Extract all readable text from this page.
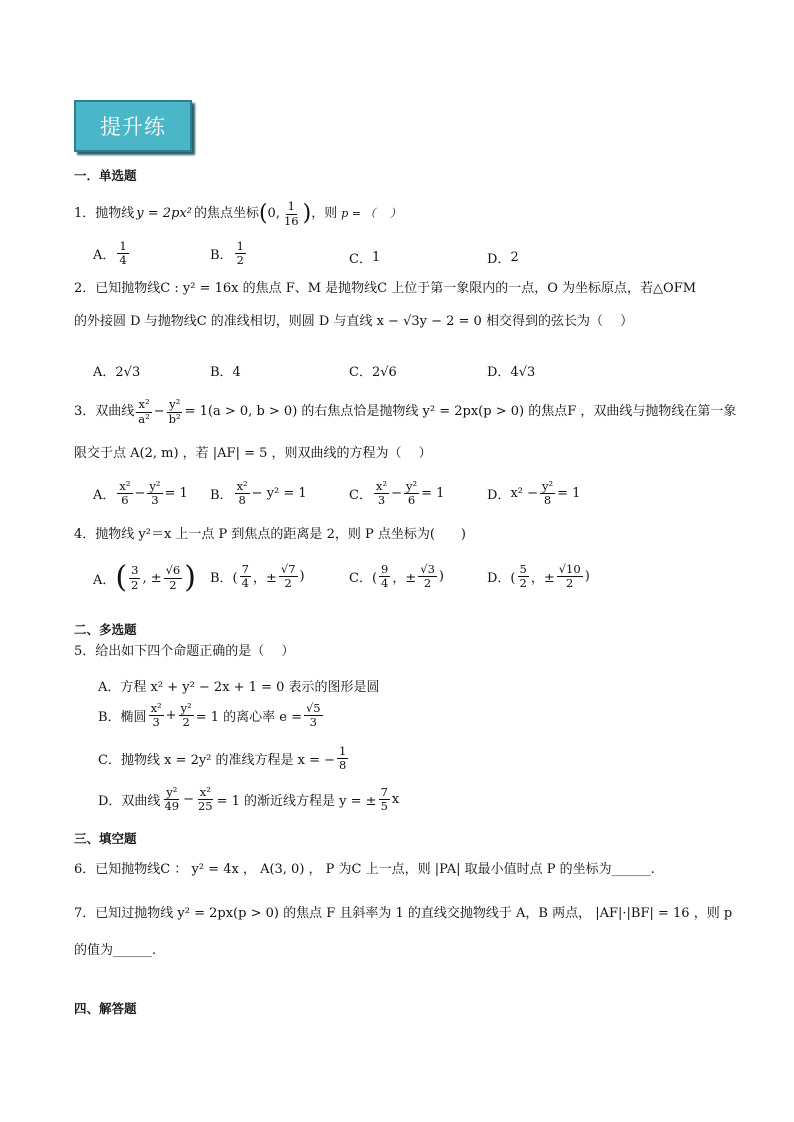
提升练
一．单选题
1． 抛物线 y = 2px² 的焦点坐标 ( 0, $\frac{1}{16}$ ) ，则 p = （　 ）
A． $\frac{1}{4}$	B． $\frac{1}{2}$	C． 1	D． 2
2．已知抛物线C : y² = 16x 的焦点 F、M 是抛物线C 上位于第一象限内的一点，O 为坐标原点，若△OFM
的外接圆 D 与抛物线C 的准线相切，则圆 D 与直线 x − √3y − 2 = 0 相交得到的弦长为（　 ）
A．2√3	B．4	C．2√6	D．4√3
3．双曲线 $\frac{\text{x²}}{\text{a²}} - \frac{\text{y²}}{\text{b²}} = 1(a > 0$, b > 0) 的右焦点恰是抛物线 y² = 2px(p > 0) 的焦点F ，双曲线与抛物线在第一象
限交于点 A(2, m) ，若 |AF| = 5 ，则双曲线的方程为（　 ）
A． $\frac{\text{x²}}{6} - \frac{\text{y²}}{3} = 1$ B． $\frac{\text{x²}}{8} - y^2 = 1$	C． $\frac{\text{x²}}{3} - \frac{\text{y²}}{6} = 1$	D． $x^2 - \frac{\text{y²}}{8} = 1$
4．抛物线 y²＝x 上一点 P 到焦点的距离是 2，则 P 点坐标为(　　)
A． ( $\frac{3}{2}$ , ± $\frac{√6}{2}$ ) B．( $\frac{7}{4}$ ，± $\frac{√7}{2}$ )	C．( $\frac{9}{4}$ ，± $\frac{√3}{2}$ )	D．( $\frac{5}{2}$ ，± $\frac{√10}{2}$ )
二、多选题
5．给出如下四个命题正确的是（　 ）
A．方程 x² + y² − 2x + 1 = 0 表示的图形是圆
B．椭圆 $\frac{\text{x²}}{3} + \frac{\text{y²}}{2} = 1$ 的离心率 $e = \frac{√5}{3}$
C．抛物线 x = 2y² 的准线方程是 x = − $\frac{1}{8}$
D．双曲线 $\frac{\text{y²}}{49} - \frac{\text{x²}}{25} = 1$ 的渐近线方程是 y = ± $\frac{7}{5}$ x
三、填空题
6．已知抛物线C ： y² = 4x ， A(3, 0) ， P 为C 上一点，则 |PA| 取最小值时点 P 的坐标为______.
7．已知过抛物线 y² = 2px(p > 0) 的焦点 F 且斜率为 1 的直线交抛物线于 A，B 两点， |AF|·|BF| = 16 ，则 p
的值为______.
四、解答题
